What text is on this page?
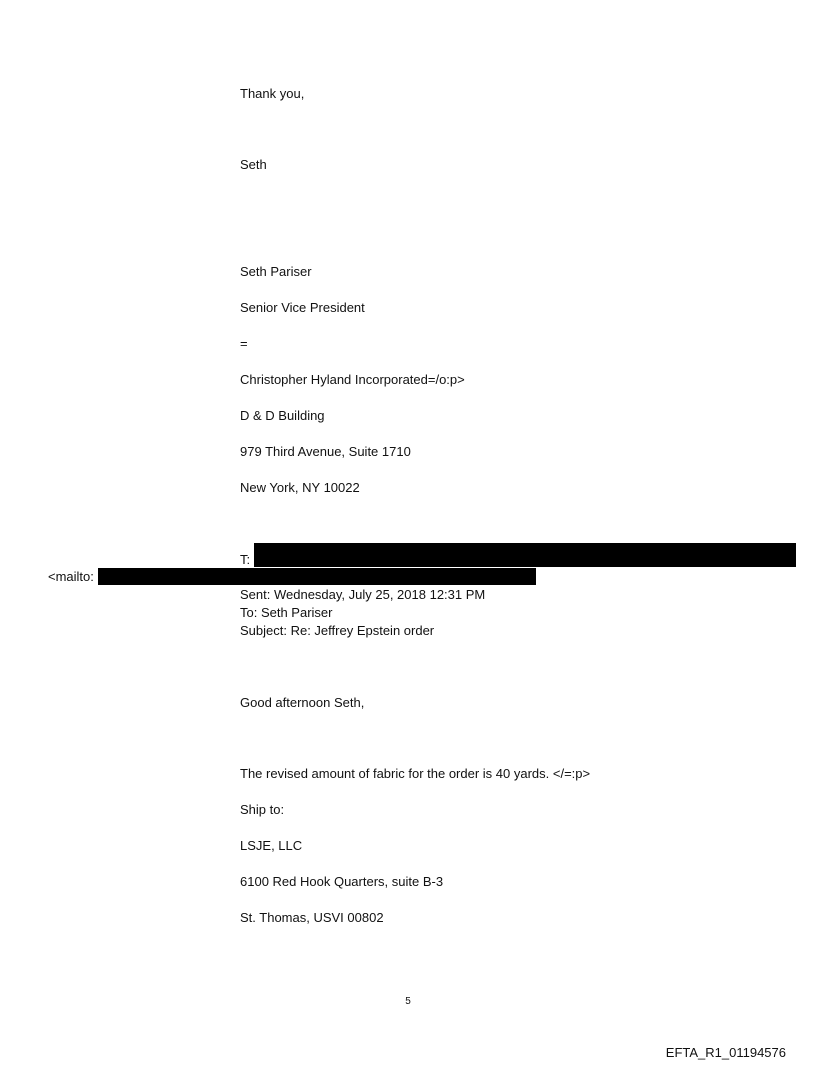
Thank you,
Seth
Seth Pariser
Senior Vice President
=
Christopher Hyland Incorporated=/o:p>
D & D Building
979 Third Avenue, Suite 1710
New York, NY 10022
T:
<mailto:
Sent: Wednesday, July 25, 2018 12:31 PM
To: Seth Pariser
Subject: Re: Jeffrey Epstein order
Good afternoon Seth,
The revised amount of fabric for the order is 40 yards. </=:p>
Ship to:
LSJE, LLC
6100 Red Hook Quarters, suite B-3
St. Thomas, USVI 00802
5
EFTA_R1_01194576
